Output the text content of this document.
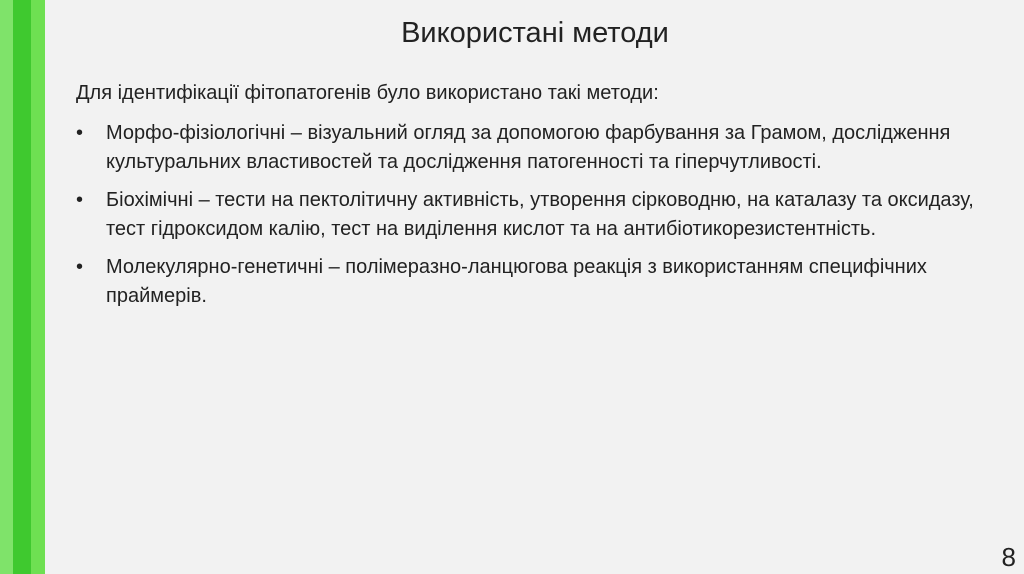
Використані методи

Для ідентифікації фітопатогенів було використано такі методи:

• Морфо-фізіологічні – візуальний огляд за допомогою фарбування за Грамом, дослідження культуральних властивостей та дослідження патогенності та гіперчутливості.
• Біохімічні – тести на пектолітичну активність, утворення сірководню, на каталазу та оксидазу, тест гідроксидом калію, тест на виділення кислот та на антибіотикорезистентність.
• Молекулярно-генетичні – полімеразно-ланцюгова реакція з використанням специфічних праймерів.
8
